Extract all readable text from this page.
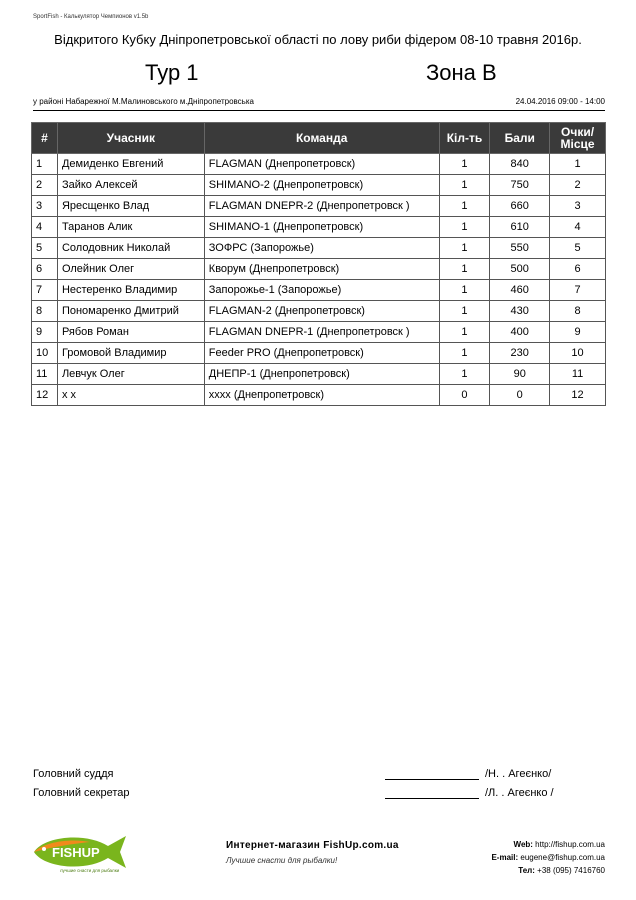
SportFish - Калькулятор Чемпионов v1.5b
Відкритого Кубку Дніпропетровської області по лову риби фідером 08-10 травня 2016р.
Тур 1	Зона B
у районі Набарежної М.Малиновського м.Дніпропетровська	24.04.2016 09:00 - 14:00
#	Учасник	Команда	Кіл-ть	Бали	Очки/ Місце
1	Демиденко Евгений	FLAGMAN (Днепропетровск)	1	840	1
2	Зайко Алексей	SHIMANO-2 (Днепропетровск)	1	750	2
3	Яресщенко Влад	FLAGMAN DNEPR-2 (Днепропетровск )	1	660	3
4	Таранов Алик	SHIMANO-1 (Днепропетровск)	1	610	4
5	Солодовник Николай	ЗОФРС (Запорожье)	1	550	5
6	Олейник Олег	Кворум (Днепропетровск)	1	500	6
7	Нестеренко Владимир	Запорожье-1 (Запорожье)	1	460	7
8	Пономаренко Дмитрий	FLAGMAN-2 (Днепропетровск)	1	430	8
9	Рябов Роман	FLAGMAN DNEPR-1 (Днепропетровск )	1	400	9
10	Громовой Владимир	Feeder PRO (Днепропетровск)	1	230	10
11	Левчук Олег	ДНЕПР-1 (Днепропетровск)	1	90	11
12	х х	хххх (Днепропетровск)	0	0	12
Головний суддя	/Н. . Агеєнко/
Головний секретар	/Л. . Агеєнко /
FISHUP
лучшие снасти для рыбалки
Интернет-магазин FishUp.com.ua
Лучшие снасти для рыбалки!
Web: http://fishup.com.ua
E-mail: eugene@fishup.com.ua
Тел: +38 (095) 7416760
